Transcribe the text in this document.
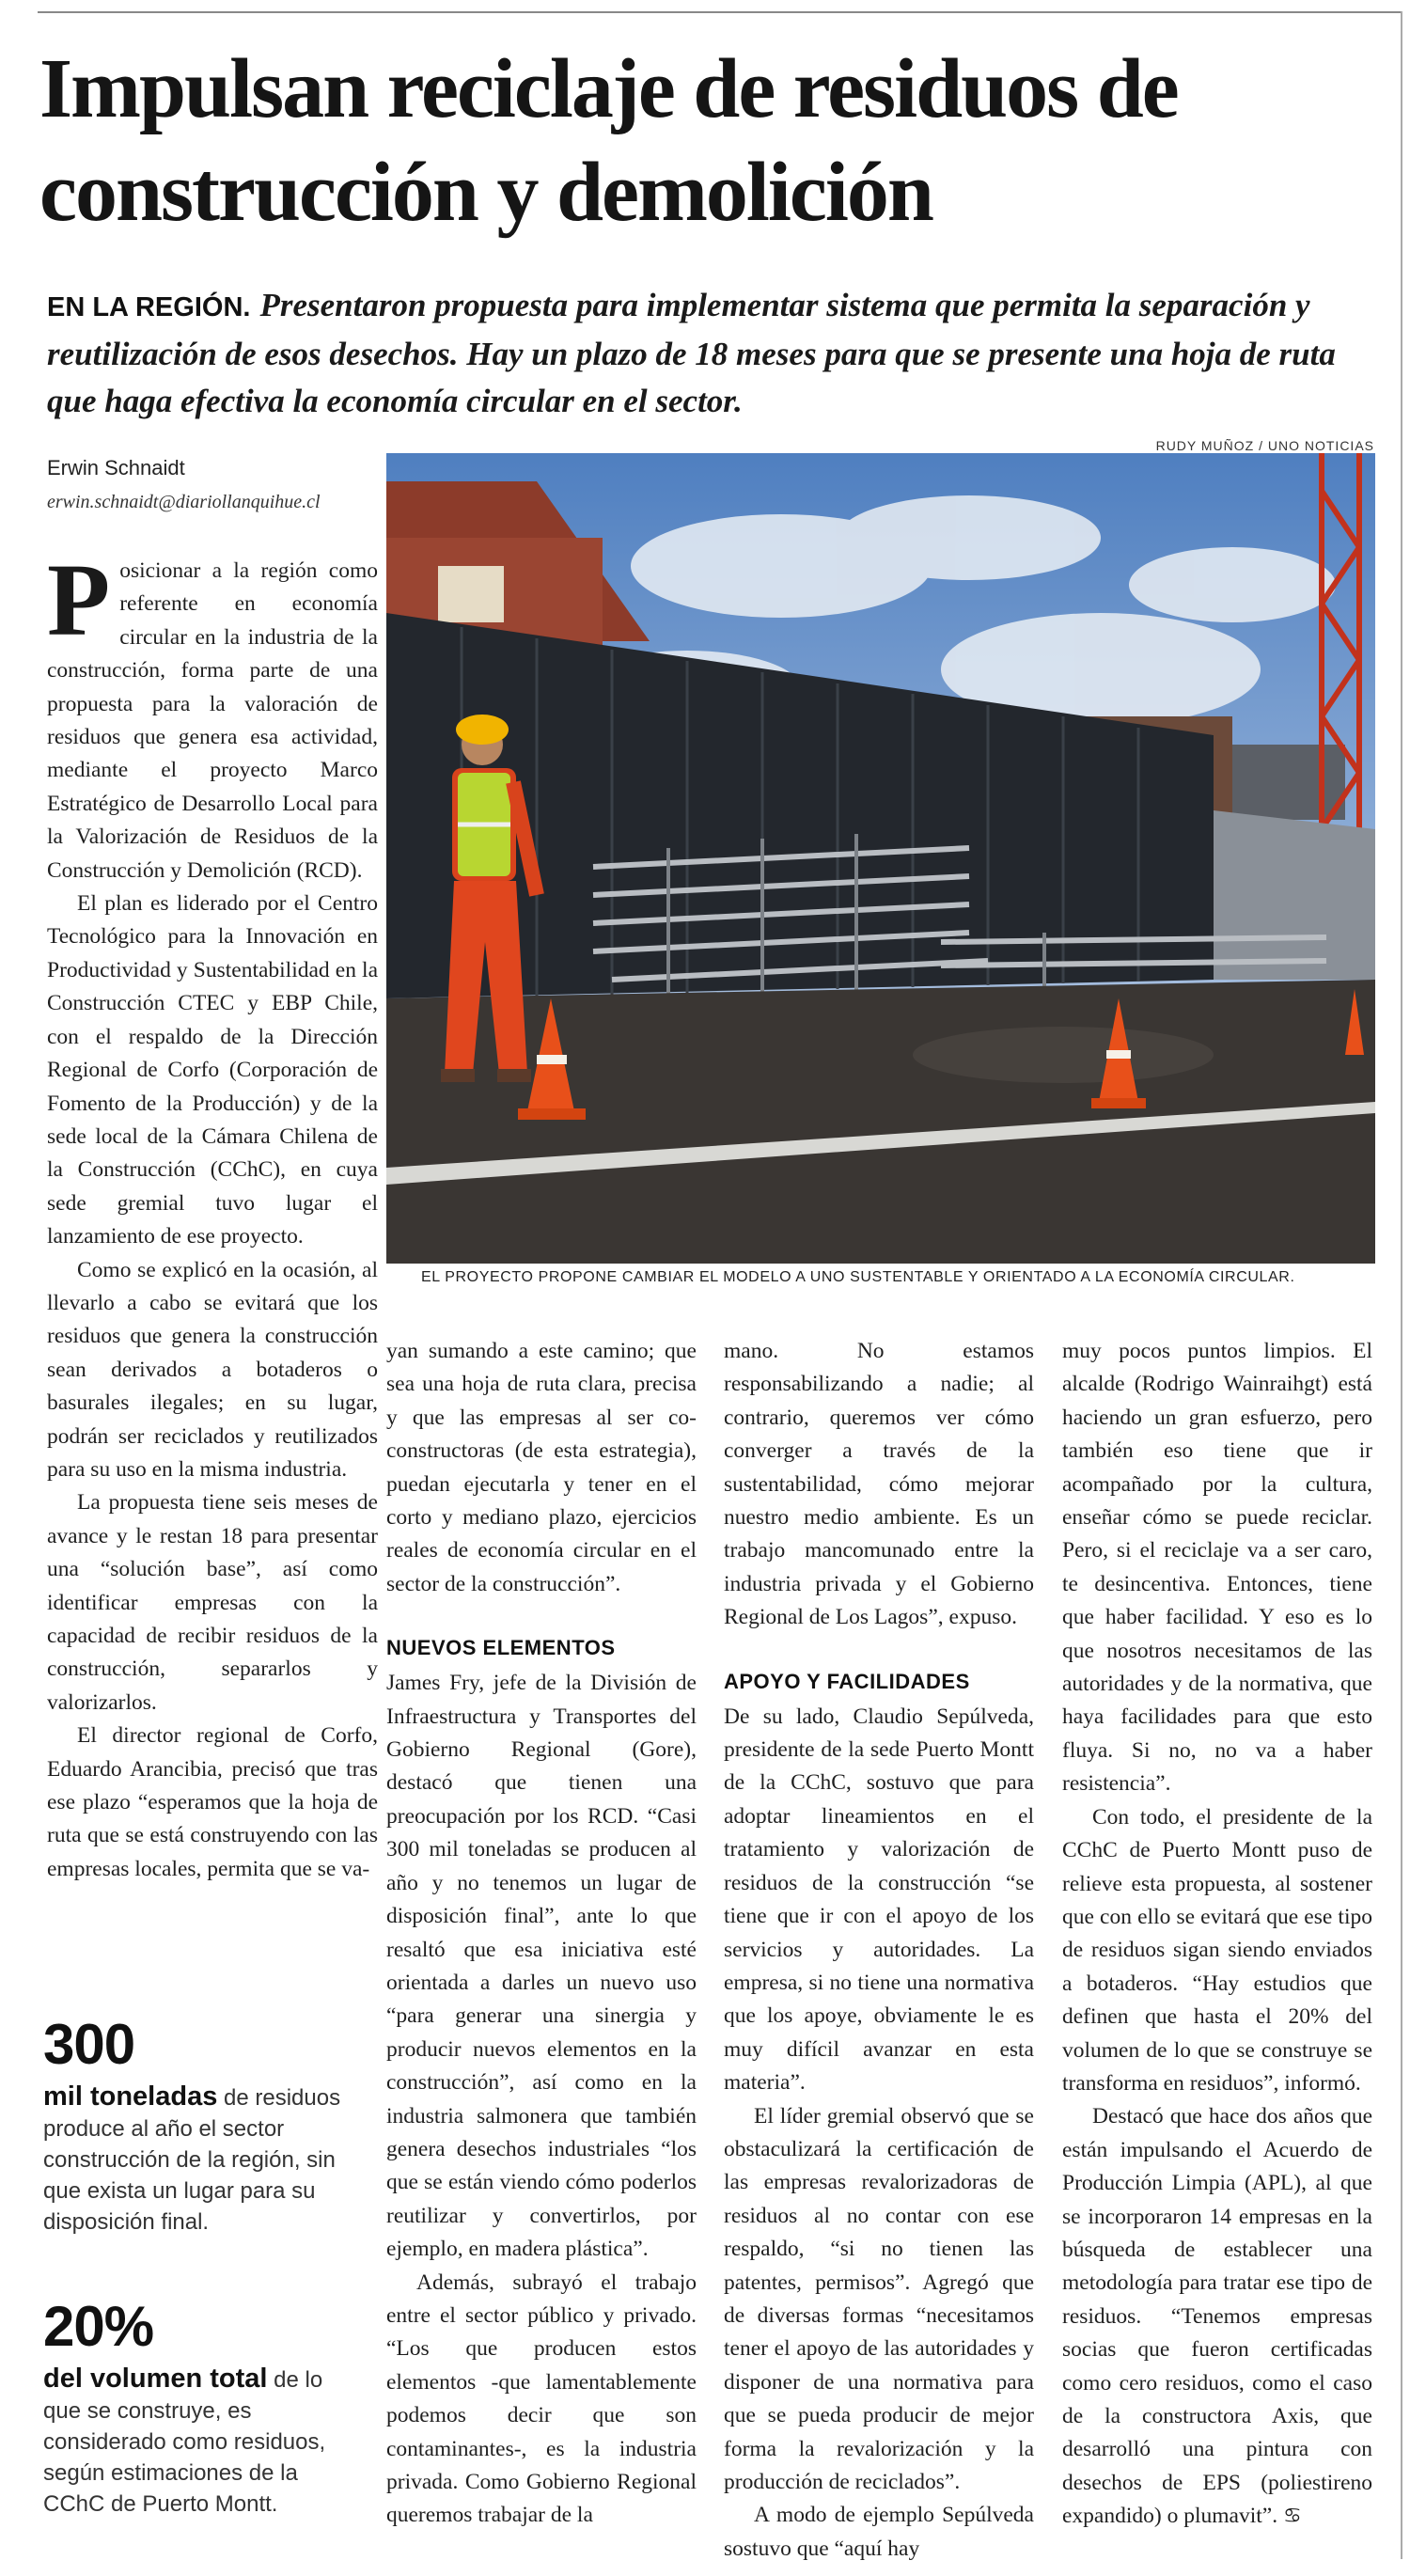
Impulsan reciclaje de residuos de construcción y demolición

EN LA REGIÓN. Presentaron propuesta para implementar sistema que permita la separación y reutilización de esos desechos. Hay un plazo de 18 meses para que se presente una hoja de ruta que haga efectiva la economía circular en el sector.

Erwin Schnaidt
erwin.schnaidt@diariollanquihue.cl
RUDY MUÑOZ / UNO NOTICIAS
EL PROYECTO PROPONE CAMBIAR EL MODELO A UNO SUSTENTABLE Y ORIENTADO A LA ECONOMÍA CIRCULAR.

Posicionar a la región como referente en economía circular en la industria de la construcción, forma parte de una propuesta para la valoración de residuos que genera esa actividad, mediante el proyecto Marco Estratégico de Desarrollo Local para la Valorización de Residuos de la Construcción y Demolición (RCD).

El plan es liderado por el Centro Tecnológico para la Innovación en Productividad y Sustentabilidad en la Construcción CTEC y EBP Chile, con el respaldo de la Dirección Regional de Corfo (Corporación de Fomento de la Producción) y de la sede local de la Cámara Chilena de la Construcción (CChC), en cuya sede gremial tuvo lugar el lanzamiento de ese proyecto.

Como se explicó en la ocasión, al llevarlo a cabo se evitará que los residuos que genera la construcción sean derivados a botaderos o basurales ilegales; en su lugar, podrán ser reciclados y reutilizados para su uso en la misma industria.

La propuesta tiene seis meses de avance y le restan 18 para presentar una “solución base”, así como identificar empresas con la capacidad de recibir residuos de la construcción, separarlos y valorizarlos.

El director regional de Corfo, Eduardo Arancibia, precisó que tras ese plazo “esperamos que la hoja de ruta que se está construyendo con las empresas locales, permita que se va-

300
mil toneladas de residuos produce al año el sector construcción de la región, sin que exista un lugar para su disposición final.
20%
del volumen total de lo que se construye, es considerado como residuos, según estimaciones de la CChC de Puerto Montt.

yan sumando a este camino; que sea una hoja de ruta clara, precisa y que las empresas al ser co-constructoras (de esta estrategia), puedan ejecutarla y tener en el corto y mediano plazo, ejercicios reales de economía circular en el sector de la construcción”.

NUEVOS ELEMENTOS

James Fry, jefe de la División de Infraestructura y Transportes del Gobierno Regional (Gore), destacó que tienen una preocupación por los RCD. “Casi 300 mil toneladas se producen al año y no tenemos un lugar de disposición final”, ante lo que resaltó que esa iniciativa esté orientada a darles un nuevo uso “para generar una sinergia y producir nuevos elementos en la construcción”, así como en la industria salmonera que también genera desechos industriales “los que se están viendo cómo poderlos reutilizar y convertirlos, por ejemplo, en madera plástica”.

Además, subrayó el trabajo entre el sector público y privado. “Los que producen estos elementos -que lamentablemente podemos decir que son contaminantes-, es la industria privada. Como Gobierno Regional queremos trabajar de la

mano. No estamos responsabilizando a nadie; al contrario, queremos ver cómo converger a través de la sustentabilidad, cómo mejorar nuestro medio ambiente. Es un trabajo mancomunado entre la industria privada y el Gobierno Regional de Los Lagos”, expuso.

APOYO Y FACILIDADES

De su lado, Claudio Sepúlveda, presidente de la sede Puerto Montt de la CChC, sostuvo que para adoptar lineamientos en el tratamiento y valorización de residuos de la construcción “se tiene que ir con el apoyo de los servicios y autoridades. La empresa, si no tiene una normativa que los apoye, obviamente le es muy difícil avanzar en esta materia”.

El líder gremial observó que se obstaculizará la certificación de las empresas revalorizadoras de residuos al no contar con ese respaldo, “si no tienen las patentes, permisos”. Agregó que de diversas formas “necesitamos tener el apoyo de las autoridades y disponer de una normativa para que se pueda producir de mejor forma la revalorización y la producción de reciclados”.

A modo de ejemplo Sepúlveda sostuvo que “aquí hay

muy pocos puntos limpios. El alcalde (Rodrigo Wainraihgt) está haciendo un gran esfuerzo, pero también eso tiene que ir acompañado por la cultura, enseñar cómo se puede reciclar. Pero, si el reciclaje va a ser caro, te desincentiva. Entonces, tiene que haber facilidad. Y eso es lo que nosotros necesitamos de las autoridades y de la normativa, que haya facilidades para que esto fluya. Si no, no va a haber resistencia”.

Con todo, el presidente de la CChC de Puerto Montt puso de relieve esta propuesta, al sostener que con ello se evitará que ese tipo de residuos sigan siendo enviados a botaderos. “Hay estudios que definen que hasta el 20% del volumen de lo que se construye se transforma en residuos”, informó.

Destacó que hace dos años que están impulsando el Acuerdo de Producción Limpia (APL), al que se incorporaron 14 empresas en la búsqueda de establecer una metodología para tratar ese tipo de residuos. “Tenemos empresas socias que fueron certificadas como cero residuos, como el caso de la constructora Axis, que desarrolló una pintura con desechos de EPS (poliestireno expandido) o plumavit”. ♋
